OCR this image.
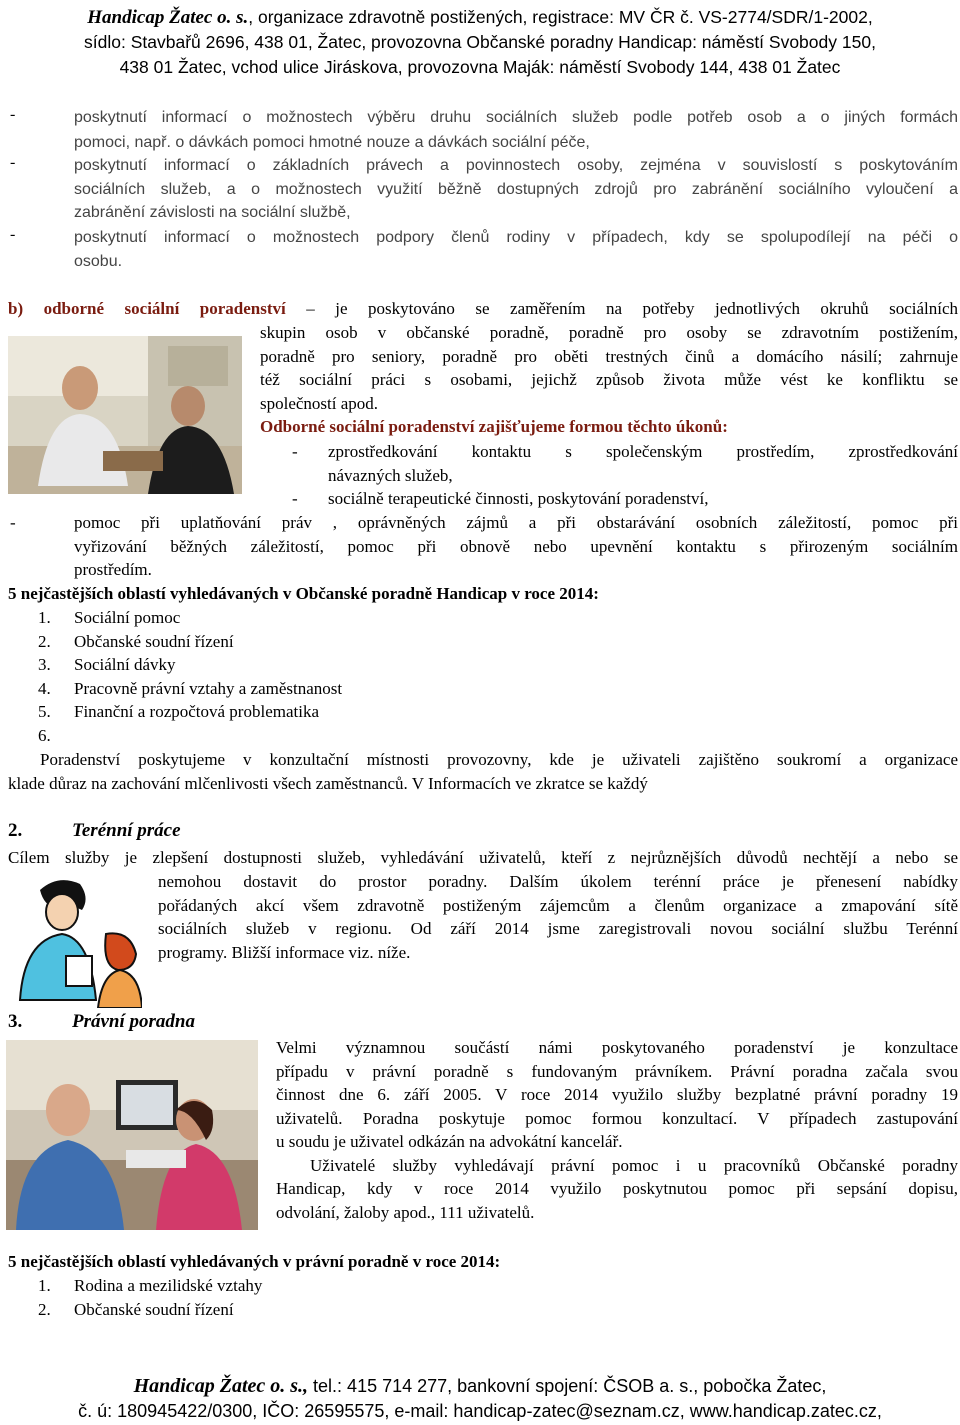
Handicap Žatec o. s., organizace zdravotně postižených, registrace: MV ČR č. VS-2774/SDR/1-2002,
sídlo: Stavbařů 2696, 438 01, Žatec, provozovna Občanské poradny Handicap: náměstí Svobody 150,
438 01 Žatec, vchod ulice Jiráskova, provozovna Maják: náměstí Svobody 144, 438 01 Žatec
-	poskytnutí informací o možnostech výběru druhu sociálních služeb podle potřeb osob a o jiných formách
pomoci, např. o dávkách pomoci hmotné nouze a dávkách sociální péče,
-	poskytnutí informací o základních právech a povinnostech osoby, zejména v souvislostí s poskytováním
sociálních služeb, a o možnostech využití běžně dostupných zdrojů pro zabránění sociálního vyloučení a
zabránění závislosti na sociální službě,
-	poskytnutí informací o možnostech podpory členů rodiny v případech, kdy se spolupodílejí na péči o
osobu.
b) odborné sociální poradenství – je poskytováno se zaměřením na potřeby jednotlivých okruhů sociálních
skupin osob v občanské poradně, poradně pro osoby se zdravotním postižením,
poradně pro seniory, poradně pro oběti trestných činů a domácího násilí; zahrnuje
též sociální práci s osobami, jejichž způsob života může vést ke konfliktu se
společností apod.
Odborné sociální poradenství zajišťujeme formou těchto úkonů:
- zprostředkování kontaktu s společenským prostředím, zprostředkování
návazných služeb,
- sociálně terapeutické činnosti, poskytování poradenství,
-	pomoc při uplatňování práv , oprávněných zájmů a při obstarávání osobních záležitostí, pomoc při
vyřizování běžných záležitostí, pomoc při obnově nebo upevnění kontaktu s přirozeným sociálním
prostředím.
5 nejčastějších oblastí vyhledávaných v Občanské poradně Handicap v roce 2014:
1. Sociální pomoc
2. Občanské soudní řízení
3. Sociální dávky
4. Pracovně právní vztahy a zaměstnanost
5. Finanční a rozpočtová problematika
6.
Poradenství poskytujeme v konzultační místnosti provozovny, kde je uživateli zajištěno soukromí a organizace
klade důraz na zachování mlčenlivosti všech zaměstnanců. V Informacích ve zkratce se každý
2.	Terénní práce
Cílem služby je zlepšení dostupnosti služeb, vyhledávání uživatelů, kteří z nejrůznějších důvodů nechtějí a nebo se
nemohou dostavit do prostor poradny. Dalším úkolem terénní práce je přenesení nabídky
pořádaných akcí všem zdravotně postiženým zájemcům a členům organizace a zmapování sítě
sociálních služeb v regionu. Od září 2014 jsme zaregistrovali novou sociální službu Terénní
programy. Bližší informace viz. níže.
3.	Právní poradna
Velmi významnou součástí námi poskytovaného poradenství je konzultace
případu v právní poradně s fundovaným právníkem. Právní poradna začala svou
činnost dne 6. září 2005. V roce 2014 využilo služby bezplatné právní poradny 19
uživatelů. Poradna poskytuje pomoc formou konzultací. V případech zastupování
u soudu je uživatel odkázán na advokátní kancelář.
Uživatelé služby vyhledávají právní pomoc i u pracovníků Občanské poradny
Handicap, kdy v roce 2014 využilo poskytnutou pomoc při sepsání dopisu,
odvolání, žaloby apod., 111 uživatelů.
5 nejčastějších oblastí vyhledávaných v právní poradně v roce 2014:
1. Rodina a mezilidské vztahy
2. Občanské soudní řízení
Handicap Žatec o. s., tel.: 415 714 277, bankovní spojení: ČSOB a. s., pobočka Žatec,
č. ú: 180945422/0300, IČO: 26595575, e-mail: handicap-zatec@seznam.cz, www.handicap.zatec.cz,
